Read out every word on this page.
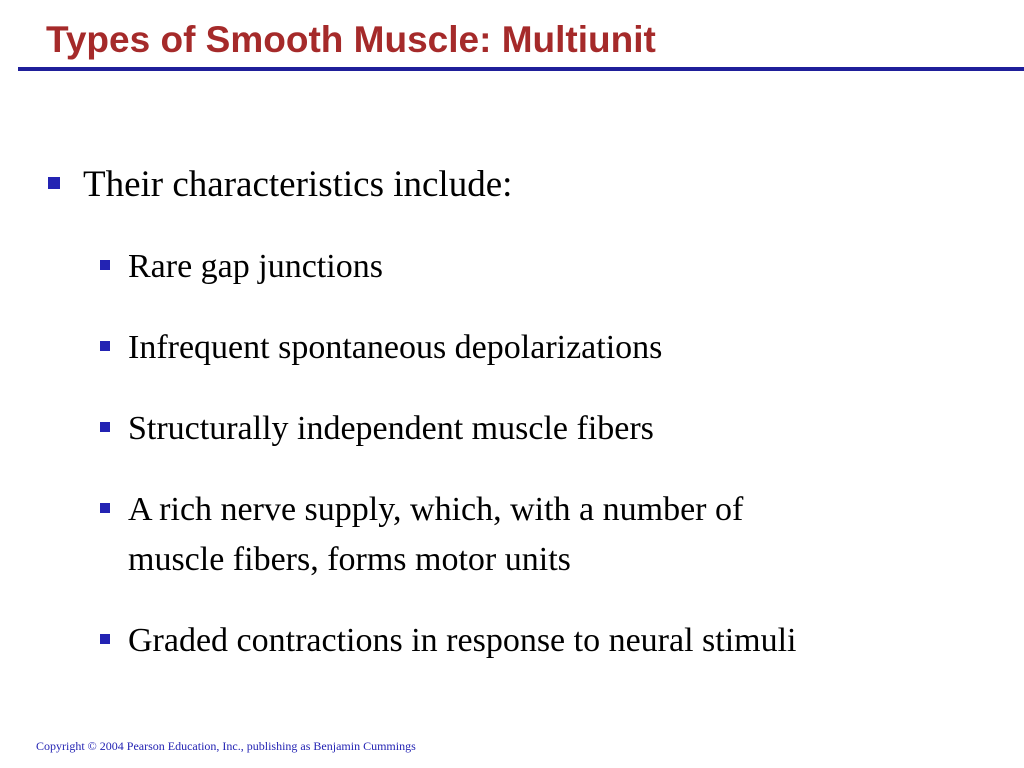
Types of Smooth Muscle: Multiunit
Their characteristics include:
Rare gap junctions
Infrequent spontaneous depolarizations
Structurally independent muscle fibers
A rich nerve supply, which, with a number of
muscle fibers, forms motor units
Graded contractions in response to neural stimuli
Copyright © 2004 Pearson Education, Inc., publishing as Benjamin Cummings
